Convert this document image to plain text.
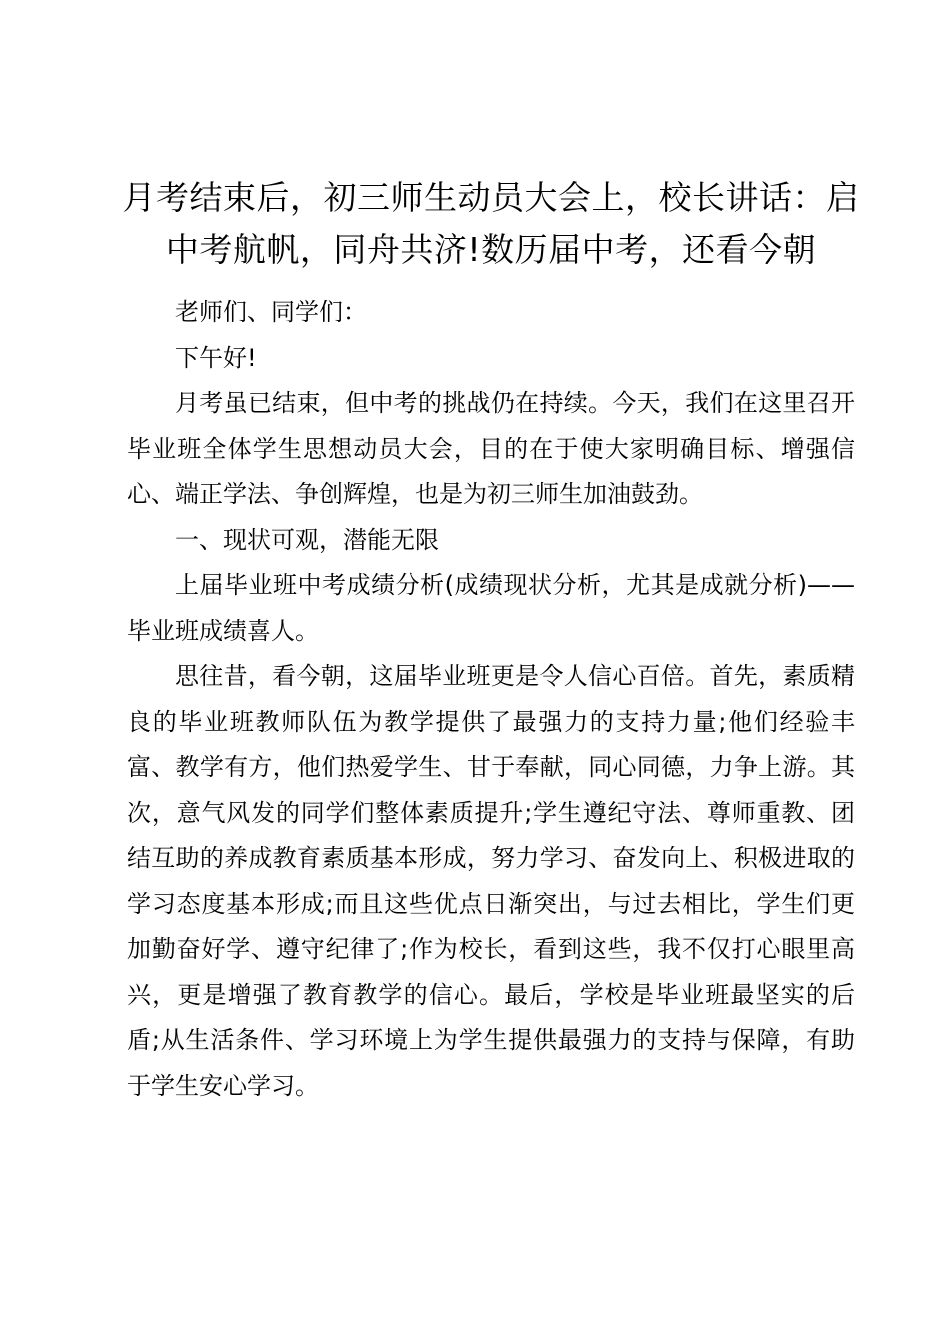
月考结束后，初三师生动员大会上，校长讲话：启中考航帆，同舟共济!数历届中考，还看今朝

老师们、同学们：

下午好!

月考虽已结束，但中考的挑战仍在持续。今天，我们在这里召开毕业班全体学生思想动员大会，目的在于使大家明确目标、增强信心、端正学法、争创辉煌，也是为初三师生加油鼓劲。

一、现状可观，潜能无限

上届毕业班中考成绩分析(成绩现状分析，尤其是成就分析)——毕业班成绩喜人。

思往昔，看今朝，这届毕业班更是令人信心百倍。首先，素质精良的毕业班教师队伍为教学提供了最强力的支持力量;他们经验丰富、教学有方，他们热爱学生、甘于奉献，同心同德，力争上游。其次，意气风发的同学们整体素质提升;学生遵纪守法、尊师重教、团结互助的养成教育素质基本形成，努力学习、奋发向上、积极进取的学习态度基本形成;而且这些优点日渐突出，与过去相比，学生们更加勤奋好学、遵守纪律了;作为校长，看到这些，我不仅打心眼里高兴，更是增强了教育教学的信心。最后，学校是毕业班最坚实的后盾;从生活条件、学习环境上为学生提供最强力的支持与保障，有助于学生安心学习。
